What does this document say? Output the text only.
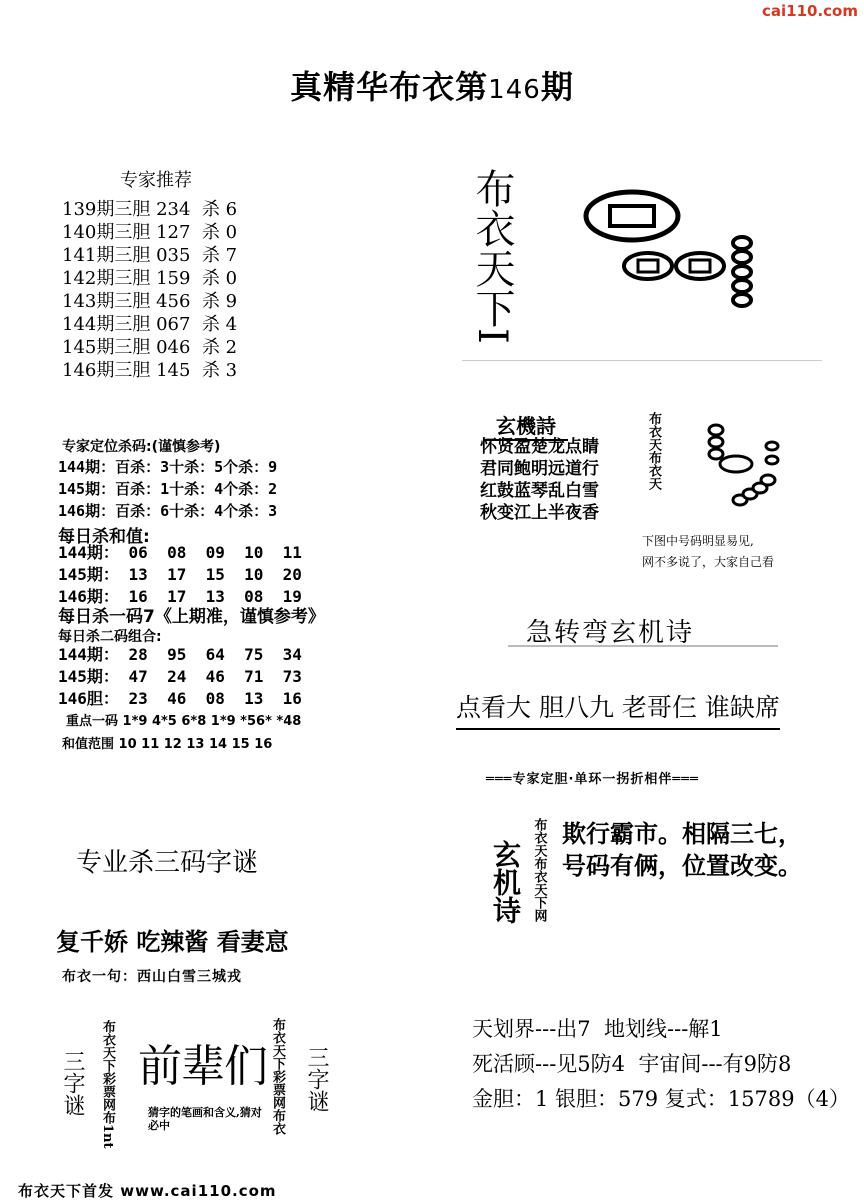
cai110.com
真精华布衣第146期
专家推荐
139期三胆 234  杀 6
140期三胆 127  杀 0
141期三胆 035  杀 7
142期三胆 159  杀 0
143期三胆 456  杀 9
144期三胆 067  杀 4
145期三胆 046  杀 2
146期三胆 145  杀 3
专家定位杀码:(谨慎参考)
144期：百杀：3十杀：5个杀：9
145期：百杀：1十杀：4个杀：2
146期：百杀：6十杀：4个杀：3
每日杀和值:
144期： 06  08  09  10  11
145期： 13  17  15  10  20
146期： 16  17  13  08  19
每日杀一码7《上期准，谨慎参考》
每日杀二码组合:
144期： 28  95  64  75  34
145期： 47  24  46  71  73
146胆： 23  46  08  13  16
重点一码 1*9 4*5 6*8 1*9 *56* *48
和值范围 10 11 12 13 14 15 16
专业杀三码字谜
复千娇 吃辣酱 看妻恴
布衣一句：西山白雪三城戎
三字谜 布衣天下彩票网布1nt 前辈们
猜字的笔画和含义,猜对必中	布衣天下彩票网布衣 三字谜
布衣天下首发 www.cai110.com
布衣天下I
玄機詩
怀贤盈楚龙点睛
君同鲍明远道行
红鼓蓝琴乱白雪
秋变江上半夜香
布衣天布衣天
下图中号码明显易见,
网不多说了，大家自己看
急转弯玄机诗
点看大 胆八九 老哥仨 谁缺席
═══专家定胆·单环一拐折相伴═══
玄机诗 布衣天布衣天下网 欺行霸市。相隔三七，
号码有俩，位置改变。
天划界---出7  地划线---解1
死活顾---见5防4  宇宙间---有9防8
金胆：1 银胆：579 复式：15789（4）
